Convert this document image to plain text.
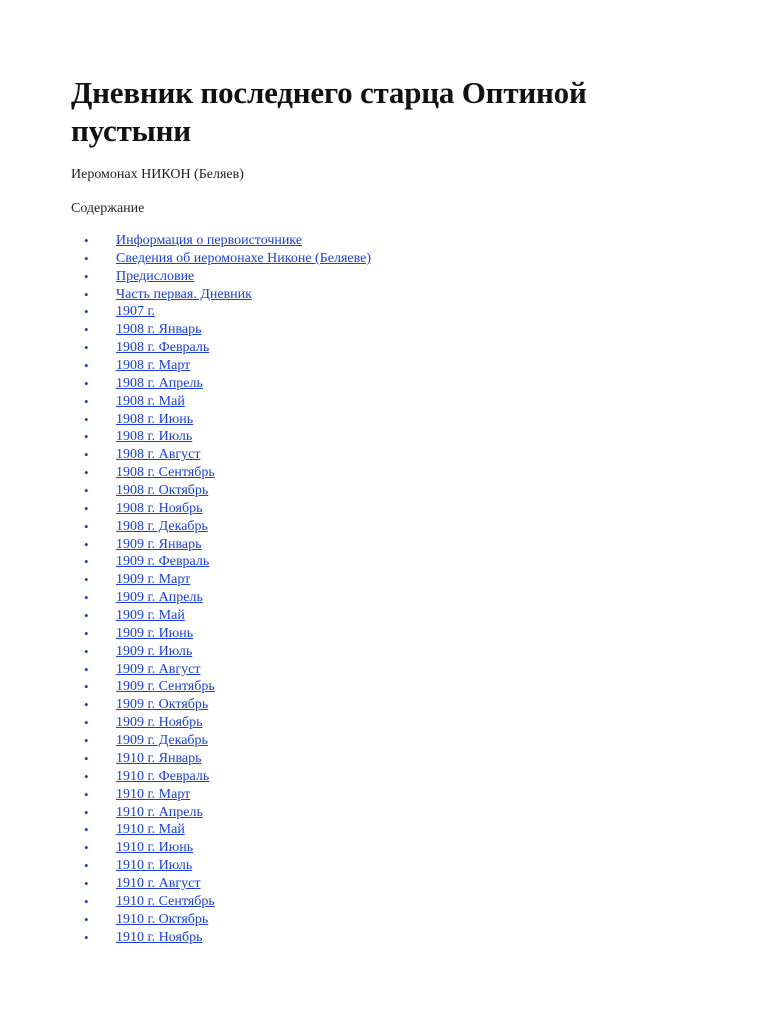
Дневник последнего старца Оптиной пустыни

Иеромонах НИКОН (Беляев)

Содержание

• Информация о первоисточнике
• Сведения об иеромонахе Никоне (Беляеве)
• Предисловие
• Часть первая. Дневник
• 1907 г.
• 1908 г. Январь
• 1908 г. Февраль
• 1908 г. Март
• 1908 г. Апрель
• 1908 г. Май
• 1908 г. Июнь
• 1908 г. Июль
• 1908 г. Август
• 1908 г. Сентябрь
• 1908 г. Октябрь
• 1908 г. Ноябрь
• 1908 г. Декабрь
• 1909 г. Январь
• 1909 г. Февраль
• 1909 г. Март
• 1909 г. Апрель
• 1909 г. Май
• 1909 г. Июнь
• 1909 г. Июль
• 1909 г. Август
• 1909 г. Сентябрь
• 1909 г. Октябрь
• 1909 г. Ноябрь
• 1909 г. Декабрь
• 1910 г. Январь
• 1910 г. Февраль
• 1910 г. Март
• 1910 г. Апрель
• 1910 г. Май
• 1910 г. Июнь
• 1910 г. Июль
• 1910 г. Август
• 1910 г. Сентябрь
• 1910 г. Октябрь
• 1910 г. Ноябрь
